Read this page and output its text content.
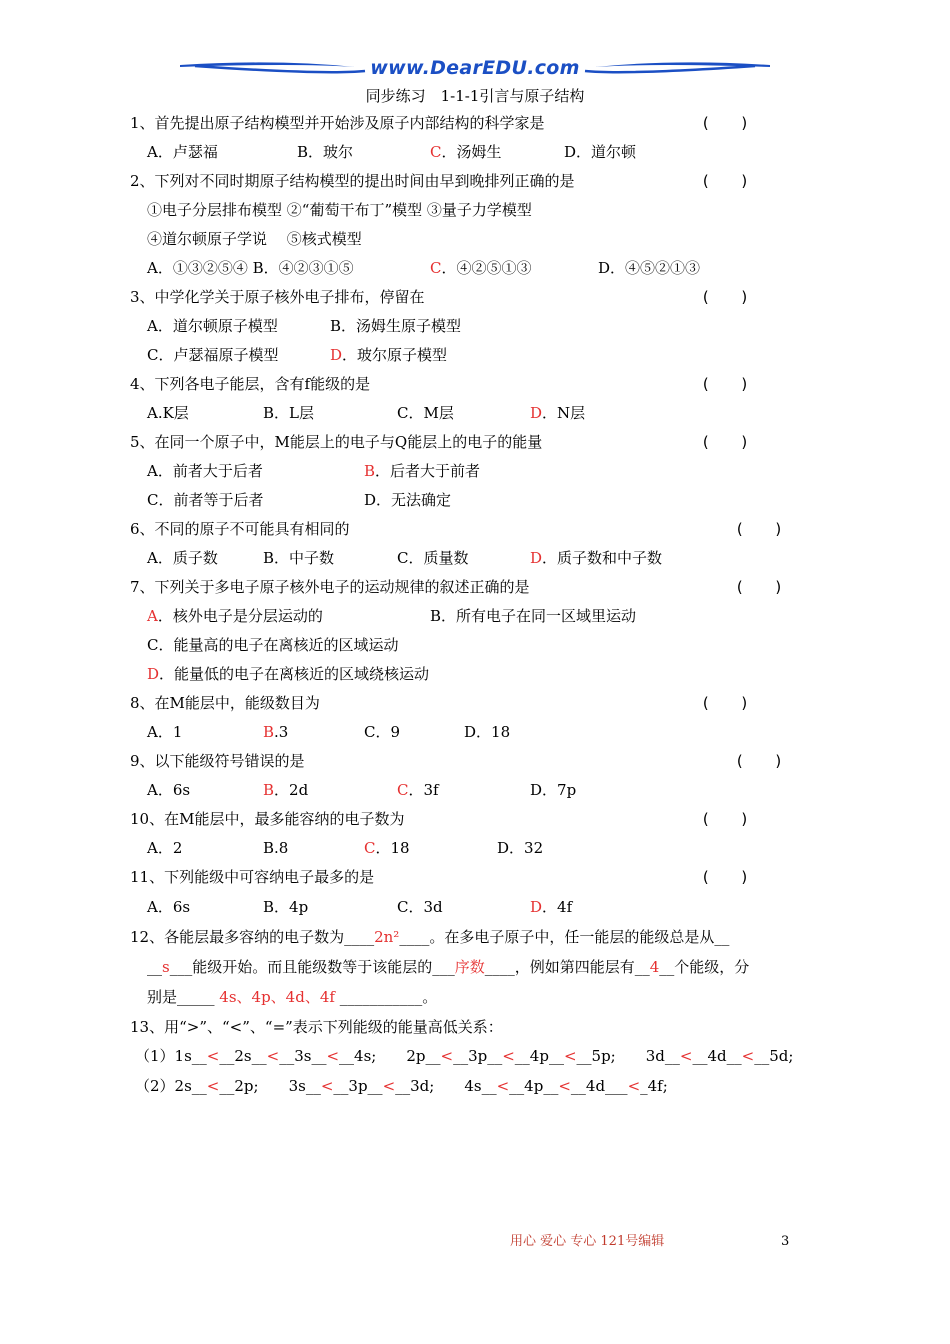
www.DearEDU.com
同步练习　1-1-1引言与原子结构
1、首先提出原子结构模型并开始涉及原子内部结构的科学家是	(　　)
A．卢瑟福	B．玻尔	C．汤姆生	D．道尔顿
2、下列对不同时期原子结构模型的提出时间由早到晚排列正确的是	(　　)
①电子分层排布模型 ②“葡萄干布丁”模型 ③量子力学模型
④道尔顿原子学说　 ⑤核式模型
A．①③②⑤④ B．④②③①⑤	C．④②⑤①③	D．④⑤②①③
3、中学化学关于原子核外电子排布，停留在	(　　)
A．道尔顿原子模型	B．汤姆生原子模型
C．卢瑟福原子模型	D．玻尔原子模型
4、下列各电子能层，含有f能级的是	(　　)
A.K层	B．L层	C．M层	D．N层
5、在同一个原子中，M能层上的电子与Q能层上的电子的能量	(　　)
A．前者大于后者	B．后者大于前者
C．前者等于后者	D．无法确定
6、不同的原子不可能具有相同的	(　　)
A．质子数	B．中子数	C．质量数	D．质子数和中子数
7、下列关于多电子原子核外电子的运动规律的叙述正确的是	(　　)
A．核外电子是分层运动的	B．所有电子在同一区域里运动
C．能量高的电子在离核近的区域运动
D．能量低的电子在离核近的区域绕核运动
8、在M能层中，能级数目为	(　　)
A．1	B.3	C．9	D．18
9、以下能级符号错误的是	(　　)
A．6s	B．2d	C．3f	D．7p
10、在M能层中，最多能容纳的电子数为	(　　)
A．2	B.8	C．18	D．32
11、下列能级中可容纳电子最多的是	(　　)
A．6s	B．4p	C．3d	D．4f
12、各能层最多容纳的电子数为____2n²____。在多电子原子中，任一能层的能级总是从__
__s___能级开始。而且能级数等于该能层的___序数____，例如第四能层有__4__个能级，分
别是_____ 4s、4p、4d、4f ___________。
13、用“>”、“<”、“=”表示下列能级的能量高低关系：
（1）1s__<__2s__<__3s__<__4s;　　2p__<__3p__<__4p__<__5p;　　3d__<__4d__<__5d;
（2）2s__<__2p;　　3s__<__3p__<__3d;　　4s__<__4p__<__4d___<_4f;
用心 爱心 专心 121号编辑	3
